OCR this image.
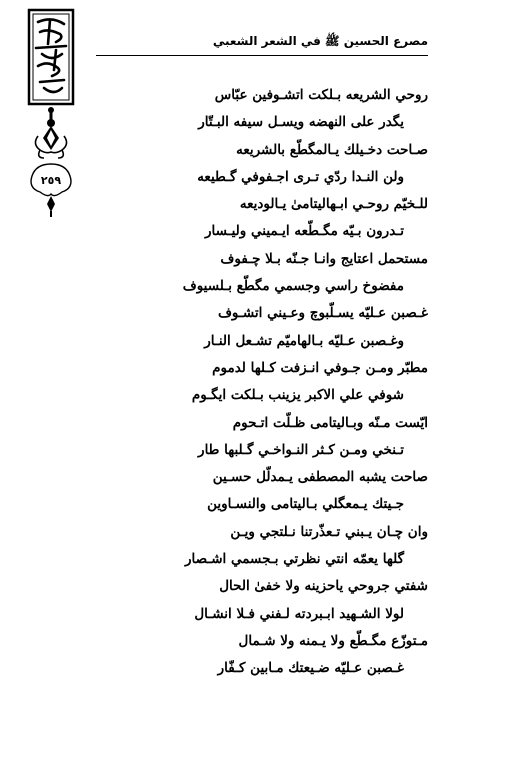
مصرع الحسين ﷺ في الشعر الشعبي
٢٥٩
روحي الشريعه بـلكت اتشـوفين عبّاس
يگدر على النهضه ويسـل سيفه البـتّار
صـاحت دخـيلك يـالمگطّع بالشريعه
ولن النـدا ردّي تـرى اجـفوفي گـطيعه
للـخيّم روحـي ابـهاليتامىٰ يـالوديعه
تـدرون بـيّه مگـطّعه ايـميني وليـسار
مستحمل اعتايج وانـا جـنّه بـلا چـفوف
مفضوخ راسي وجسمي مگطّع بـلسيوف
غـصبن عـليّه يسـلّبوچ وعـيني اتشـوف
وغـصبن عـليّه بـالهاميّم تشـعل النـار
مطبّر ومـن جـوفي انـزفت كـلها لدموم
شوفي علي الاكبر يزينب بـلكت ايگـوم
ايّست مـنّه وبـاليتامى ظـلّت اتـحوم
تـنخي ومـن كـثر النـواخـي گـلبها طار
صاحت يشبه المصطفى يـمدلّل حسـين
جـيتك يـمعگلي بـاليتامى والنسـاوين
وان چـان يـبني تـعذّرتنا نـلتجي ويـن
گلها يعمّه انتي نظرتي بـجسمي اشـصار
شفتي جروحي ياحزينه ولا خفىٰ الحال
لولا الشـهيد ابـبردته لـفني فـلا انشـال
مـتوزّع مگـطّع ولا يـمنه ولا شـمال
غـصبن عـليّه ضـيعتك مـابين كـفّار
